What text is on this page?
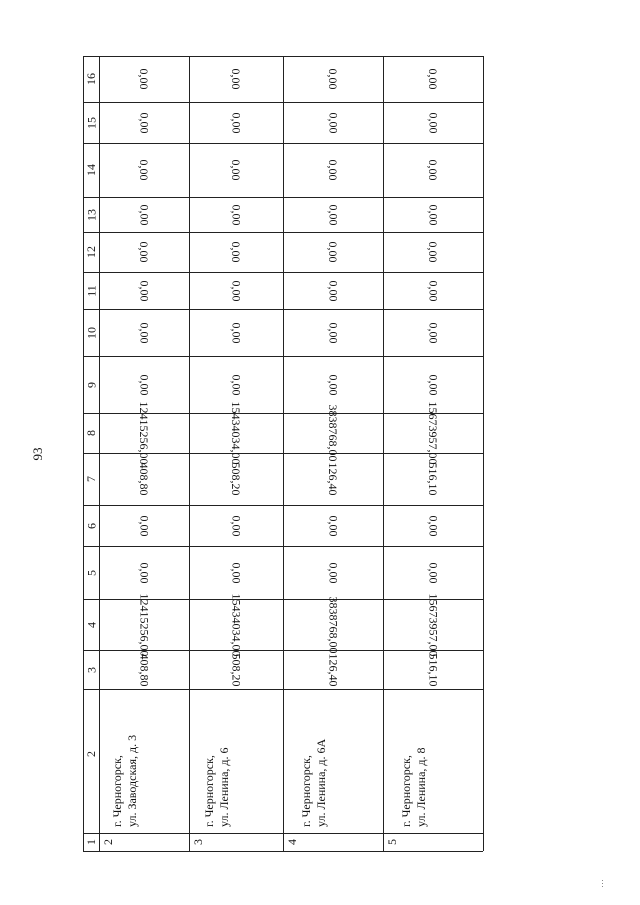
93
1
2
3
4
5
6
7
8
9
10
11
12
13
14
15
16
2
г. Черногорск, ул. Заводская, д. 3
408,80
12415256,00
0,00
0,00
408,80
12415256,00
0,00
0,00
0,00
0,00
0,00
0,00
0,00
0,00
3
г. Черногорск, ул. Ленина, д. 6
508,20
15434034,00
0,00
0,00
508,20
15434034,00
0,00
0,00
0,00
0,00
0,00
0,00
0,00
0,00
4
г. Черногорск, ул. Ленина, д. 6А
126,40
3838768,00
0,00
0,00
126,40
3838768,00
0,00
0,00
0,00
0,00
0,00
0,00
0,00
0,00
5
г. Черногорск, ул. Ленина, д. 8
516,10
15673957,00
0,00
0,00
516,10
15673957,00
0,00
0,00
0,00
0,00
0,00
0,00
0,00
0,00
